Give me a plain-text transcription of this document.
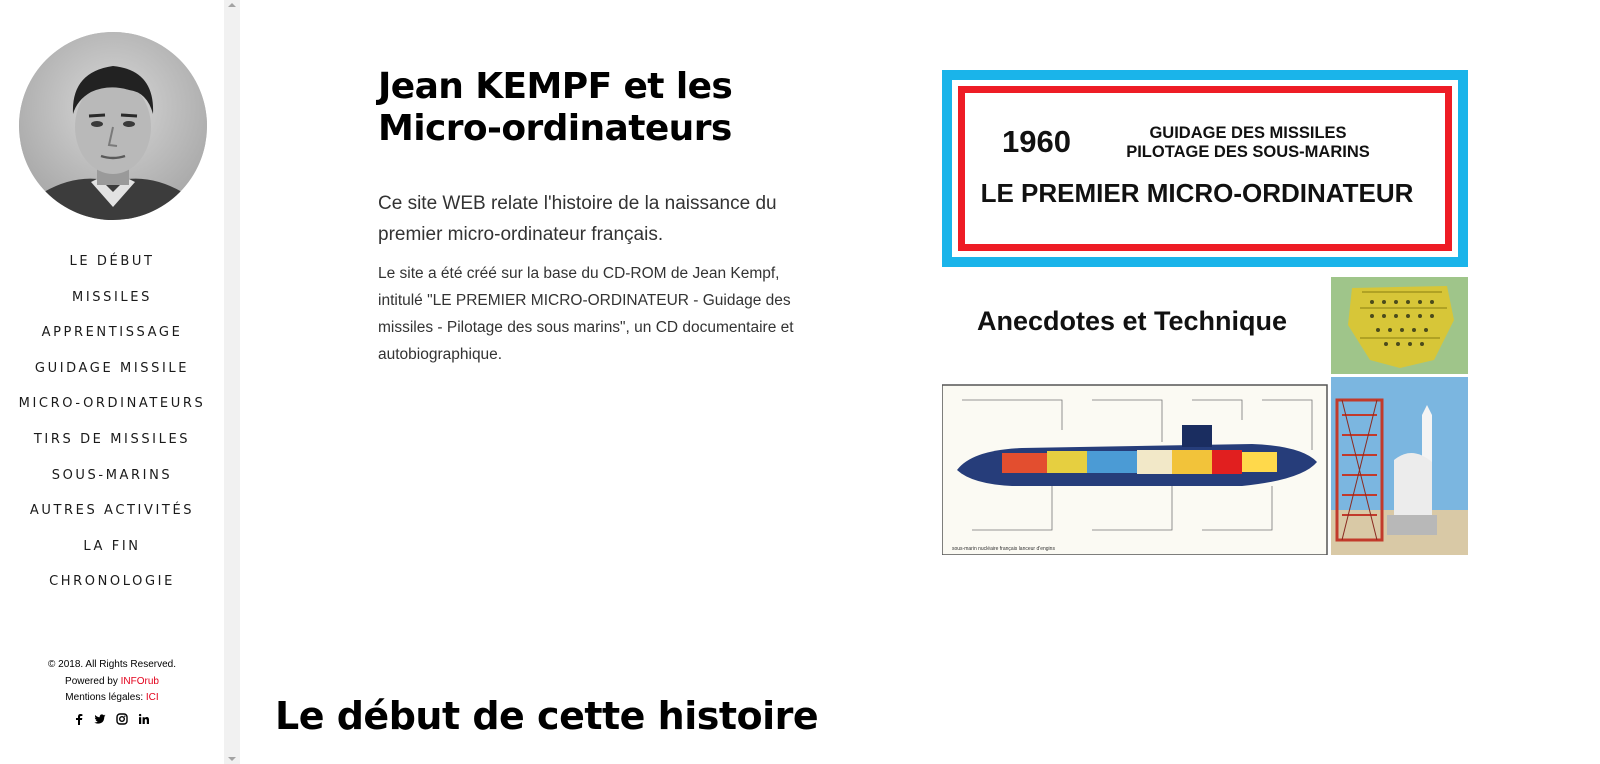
LE DÉBUT
MISSILES
APPRENTISSAGE
GUIDAGE MISSILE
MICRO-ORDINATEURS
TIRS DE MISSILES
SOUS-MARINS
AUTRES ACTIVITÉS
LA FIN
CHRONOLOGIE
© 2018. All Rights Reserved.
Powered by INFOrub
Mentions légales: ICI
Jean KEMPF et les Micro-ordinateurs

Ce site WEB relate l'histoire de la naissance du premier micro-ordinateur français.

Le site a été créé sur la base du CD-ROM de Jean Kempf, intitulé "LE PREMIER MICRO-ORDINATEUR - Guidage des missiles - Pilotage des sous marins", un CD documentaire et autobiographique.

1960	GUIDAGE DES MISSILES
PILOTAGE DES SOUS-MARINS
LE PREMIER MICRO-ORDINATEUR
Anecdotes et Technique
sous-marin nucléaire français lanceur d'engins
Le début de cette histoire
